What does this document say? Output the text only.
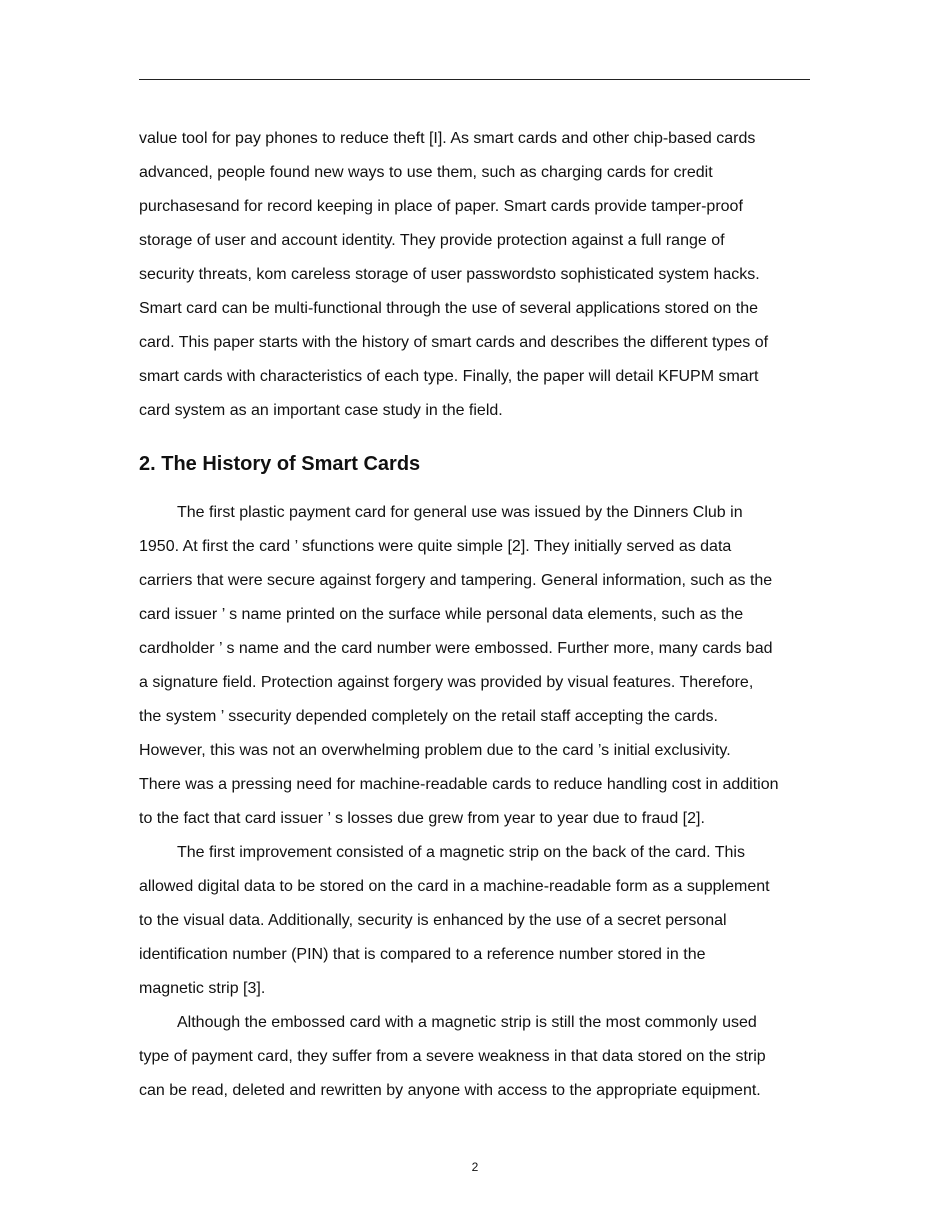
value tool for pay phones to reduce theft [I]. As smart cards and other chip-based cards
advanced, people found new ways to use them, such as charging cards for credit
purchasesand for record keeping in place of paper. Smart cards provide tamper-proof
storage of user and account identity. They provide protection against a full range of
security threats, kom careless storage of user passwordsto sophisticated system hacks.
Smart card can be multi-functional through the use of several applications stored on the
card. This paper starts with the history of smart cards and describes the different types of
smart cards with characteristics of each type. Finally, the paper will detail KFUPM smart
card system as an important case study in the field.
2. The History of Smart Cards
The first plastic payment card for general use was issued by the Dinners Club in
1950. At first the card ’ sfunctions were quite simple [2]. They initially served as data
carriers that were secure against forgery and tampering. General information, such as the
card issuer ’ s name printed on the surface while personal data elements, such as the
cardholder ’ s name and the card number were embossed. Further more, many cards bad
a signature field. Protection against forgery was provided by visual features. Therefore,
the system ’ ssecurity depended completely on the retail staff accepting the cards.
However, this was not an overwhelming problem due to the card ’s initial exclusivity.
There was a pressing need for machine-readable cards to reduce handling cost in addition
to the fact that card issuer ’ s losses due grew from year to year due to fraud [2].
The first improvement consisted of a magnetic strip on the back of the card. This
allowed digital data to be stored on the card in a machine-readable form as a supplement
to the visual data. Additionally, security is enhanced by the use of a secret personal
identification number (PIN) that is compared to a reference number stored in the
magnetic strip [3].
Although the embossed card with a magnetic strip is still the most commonly used
type of payment card, they suffer from a severe weakness in that data stored on the strip
can be read, deleted and rewritten by anyone with access to the appropriate equipment.
2
